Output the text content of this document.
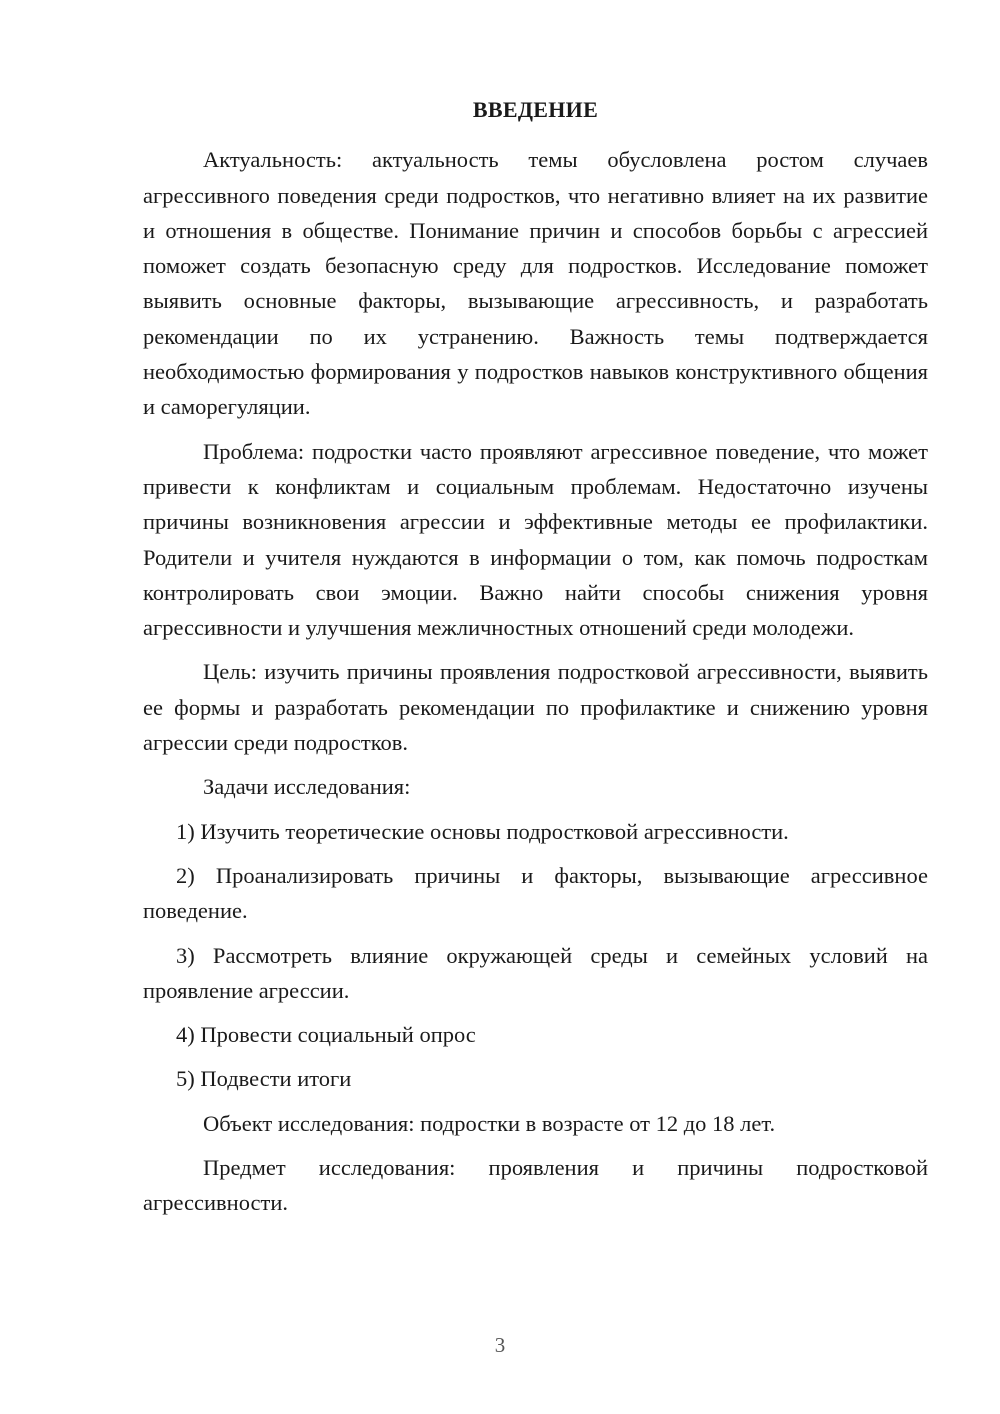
ВВЕДЕНИЕ

Актуальность: актуальность темы обусловлена ростом случаев агрессивного поведения среди подростков, что негативно влияет на их развитие и отношения в обществе. Понимание причин и способов борьбы с агрессией поможет создать безопасную среду для подростков. Исследование поможет выявить основные факторы, вызывающие агрессивность, и разработать рекомендации по их устранению. Важность темы подтверждается необходимостью формирования у подростков навыков конструктивного общения и саморегуляции.

Проблема: подростки часто проявляют агрессивное поведение, что может привести к конфликтам и социальным проблемам. Недостаточно изучены причины возникновения агрессии и эффективные методы ее профилактики. Родители и учителя нуждаются в информации о том, как помочь подросткам контролировать свои эмоции. Важно найти способы снижения уровня агрессивности и улучшения межличностных отношений среди молодежи.

Цель: изучить причины проявления подростковой агрессивности, выявить ее формы и разработать рекомендации по профилактике и снижению уровня агрессии среди подростков.

Задачи исследования:

1) Изучить теоретические основы подростковой агрессивности.

2) Проанализировать причины и факторы, вызывающие агрессивное поведение.

3) Рассмотреть влияние окружающей среды и семейных условий на проявление агрессии.

4) Провести социальный опрос

5) Подвести итоги

Объект исследования: подростки в возрасте от 12 до 18 лет.

Предмет исследования: проявления и причины подростковой агрессивности.

3
